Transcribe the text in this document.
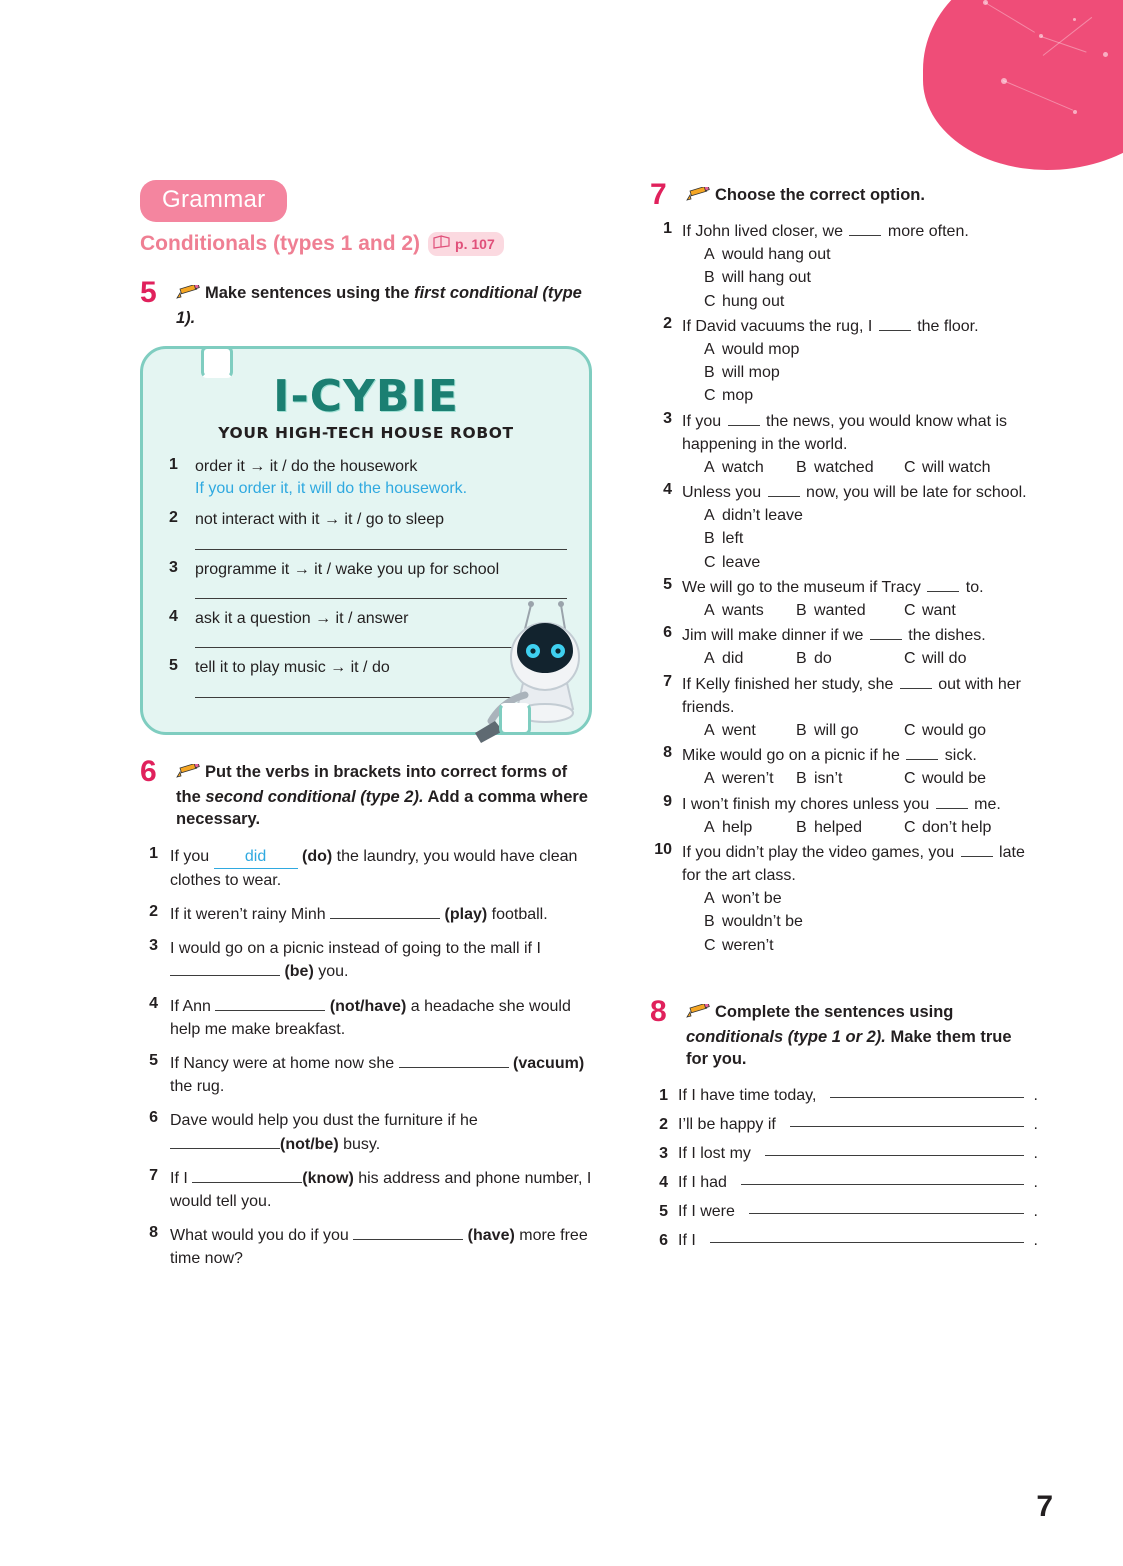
Grammar
Conditionals (types 1 and 2)	p. 107
5	Make sentences using the first conditional (type 1).
I-CYBIE
YOUR HIGH-TECH HOUSE ROBOT
1	order it → it / do the housework
If you order it, it will do the housework.
2	not interact with it → it / go to sleep
3	programme it → it / wake you up for school
4	ask it a question → it / answer
5	tell it to play music → it / do
6	Put the verbs in brackets into correct forms of the second conditional (type 2). Add a comma where necessary.
1 If you did (do) the laundry, you would have clean clothes to wear.
2 If it weren’t rainy Minh	(play) football.
3 I would go on a picnic instead of going to the mall if I  (be) you.
4 If Ann	(not/have) a headache she would help me make breakfast.
5 If Nancy were at home now she	(vacuum) the rug.
6 Dave would help you dust the furniture if he (not/be) busy.
7 If I	(know) his address and phone number, I would tell you.
8 What would you do if you	(have) more free time now?
7	Choose the correct option.
1 If John lived closer, we  more often.
A would hang out
B will hang out
C hung out
2 If David vacuums the rug, I  the floor.
A would mop
B will mop
C mop
3 If you  the news, you would know what is happening in the world.
A watch	B watched	C will watch
4 Unless you  now, you will be late for school.
A didn’t leave
B left
C leave
5 We will go to the museum if Tracy  to.
A wants	B wanted	C want
6 Jim will make dinner if we  the dishes.
A did	B do	C will do
7 If Kelly finished her study, she  out with her friends.
A went	B will go	C would go
8 Mike would go on a picnic if he  sick.
A weren’t	B isn’t	C would be
9 I won’t finish my chores unless you  me.
A help	B helped	C don’t help
10 If you didn’t play the video games, you  late for the art class.
A won’t be
B wouldn’t be
C weren’t
8	Complete the sentences using conditionals (type 1 or 2). Make them true for you.
1 If I have time today,	.
2 I’ll be happy if	.
3 If I lost my	.
4 If I had	.
5 If I were	.
6 If I	.
7
